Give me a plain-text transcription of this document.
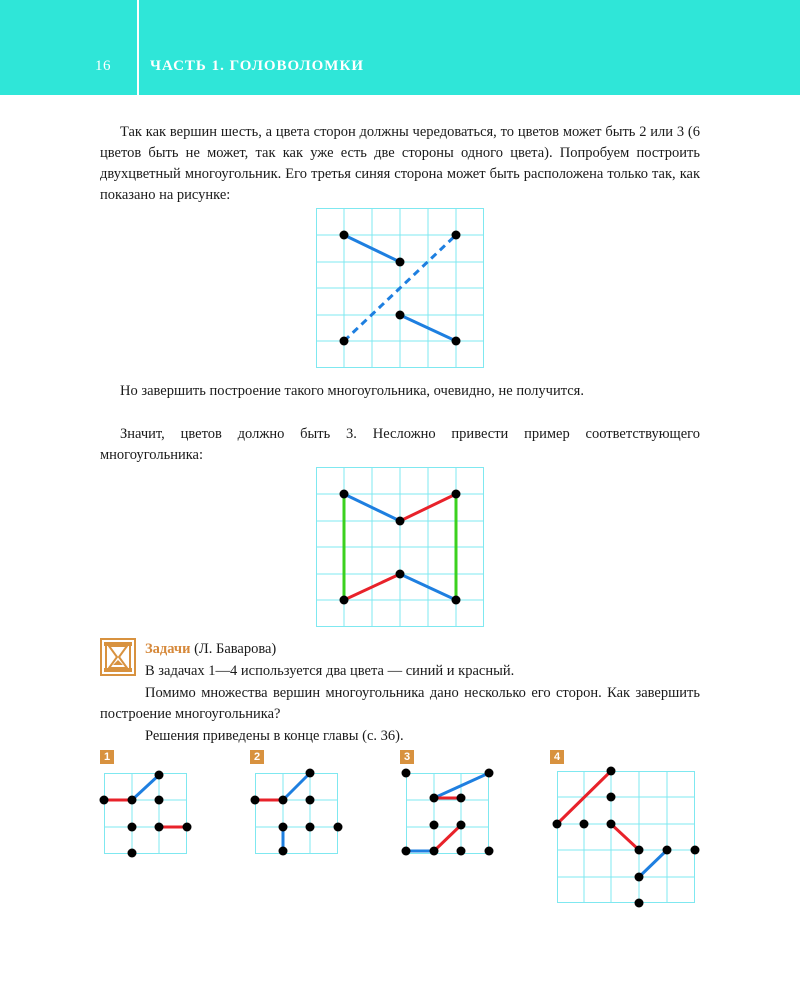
16	ЧАСТЬ 1. ГОЛОВОЛОМКИ

Так как вершин шесть, а цвета сторон должны чередоваться, то цветов может быть 2 или 3 (6 цветов быть не может, так как уже есть две стороны одного цвета). Попробуем построить двухцветный многоугольник. Его третья синяя сторона может быть расположена только так, как показано на рисунке:

Но завершить построение такого многоугольника, очевидно, не получится.

Значит, цветов должно быть 3. Несложно привести пример соответствующего многоугольника:

Задачи (Л. Баварова)

В задачах 1—4 используется два цвета — синий и красный.

Помимо множества вершин многоугольника дано несколько его сторон. Как завершить построение многоугольника?

Решения приведены в конце главы (с. 36).

1	2	3	4
